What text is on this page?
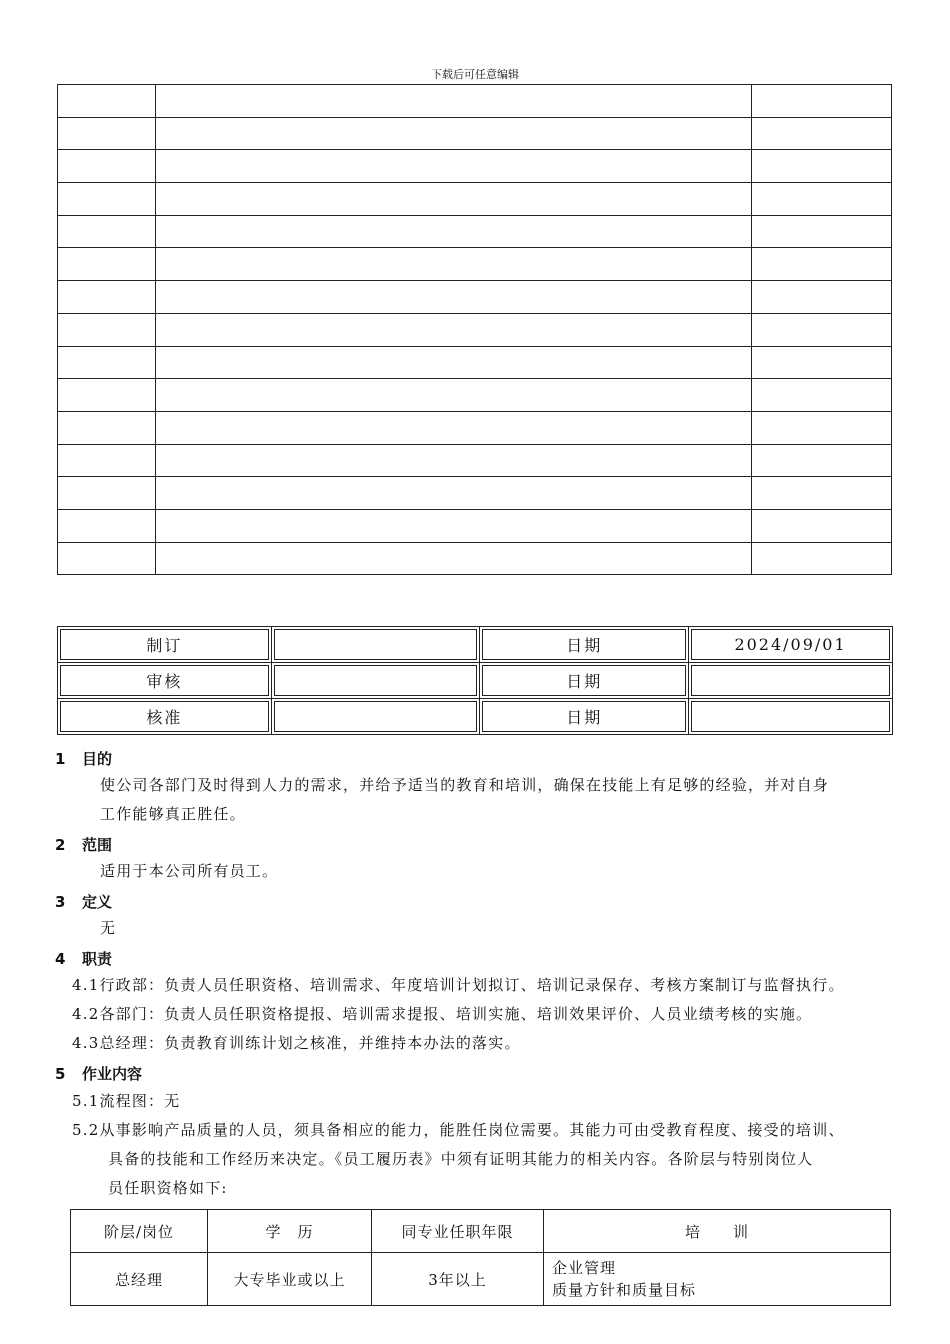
下载后可任意编辑

制订		日期	2024/09/01
审核		日期	
核准		日期	
1 目的
使公司各部门及时得到人力的需求，并给予适当的教育和培训，确保在技能上有足够的经验，并对自身
工作能够真正胜任。
2 范围
适用于本公司所有员工。
3 定义
无
4 职责
4.1行政部：负责人员任职资格、培训需求、年度培训计划拟订、培训记录保存、考核方案制订与监督执行。
4.2各部门：负责人员任职资格提报、培训需求提报、培训实施、培训效果评价、人员业绩考核的实施。
4.3总经理：负责教育训练计划之核准，并维持本办法的落实。
5 作业内容
5.1流程图：无
5.2从事影响产品质量的人员，须具备相应的能力，能胜任岗位需要。其能力可由受教育程度、接受的培训、
具备的技能和工作经历来决定。《员工履历表》中须有证明其能力的相关内容。各阶层与特别岗位人
员任职资格如下:
阶层/岗位	学　历	同专业任职年限	培　　训
总经理	大专毕业或以上	3年以上	企业管理
质量方针和质量目标
